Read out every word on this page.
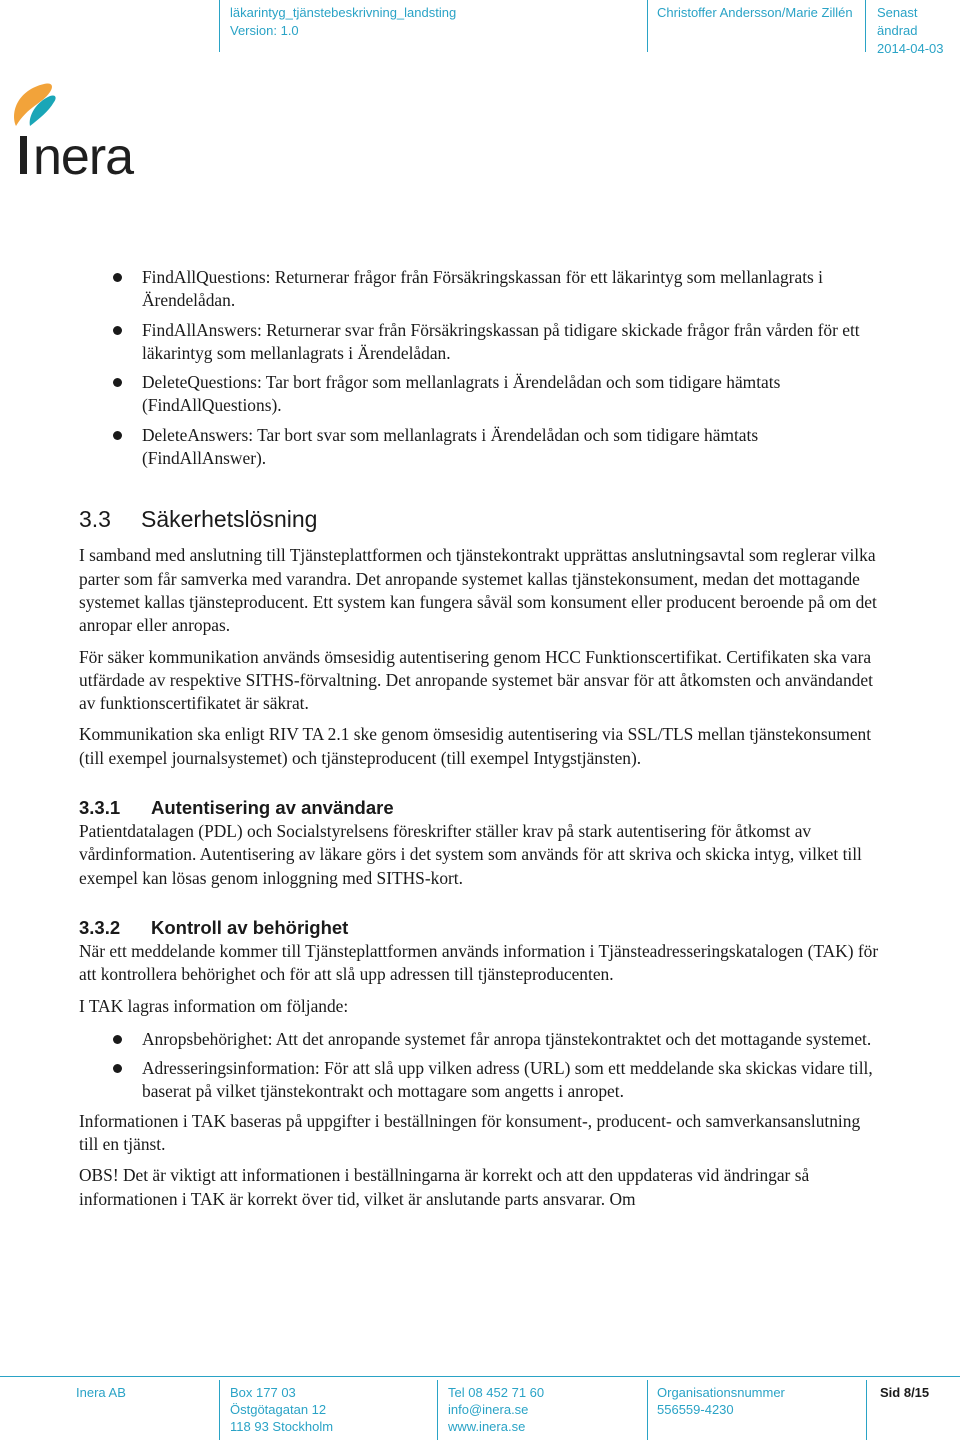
läkarintyg_tjänstebeskrivning_landsting
Version: 1.0
Christoffer Andersson/Marie Zillén Senast ändrad
2014-04-03
nera
FindAllQuestions: Returnerar frågor från Försäkringskassan för ett läkarintyg som mellanlagrats i Ärendelådan.
FindAllAnswers: Returnerar svar från Försäkringskassan på tidigare skickade frågor från vården för ett läkarintyg som mellanlagrats i Ärendelådan.
DeleteQuestions: Tar bort frågor som mellanlagrats i Ärendelådan och som tidigare hämtats (FindAllQuestions).
DeleteAnswers: Tar bort svar som mellanlagrats i Ärendelådan och som tidigare hämtats (FindAllAnswer).
3.3 Säkerhetslösning

I samband med anslutning till Tjänsteplattformen och tjänstekontrakt upprättas anslutningsavtal som reglerar vilka parter som får samverka med varandra. Det anropande systemet kallas tjänstekonsument, medan det mottagande systemet kallas tjänsteproducent. Ett system kan fungera såväl som konsument eller producent beroende på om det anropar eller anropas.

För säker kommunikation används ömsesidig autentisering genom HCC Funktionscertifikat. Certifikaten ska vara utfärdade av respektive SITHS-förvaltning. Det anropande systemet bär ansvar för att åtkomsten och användandet av funktionscertifikatet är säkrat.

Kommunikation ska enligt RIV TA 2.1 ske genom ömsesidig autentisering via SSL/TLS mellan tjänstekonsument (till exempel journalsystemet) och tjänsteproducent (till exempel Intygstjänsten).

3.3.1 Autentisering av användare

Patientdatalagen (PDL) och Socialstyrelsens föreskrifter ställer krav på stark autentisering för åtkomst av vårdinformation. Autentisering av läkare görs i det system som används för att skriva och skicka intyg, vilket till exempel kan lösas genom inloggning med SITHS-kort.

3.3.2 Kontroll av behörighet

När ett meddelande kommer till Tjänsteplattformen används information i Tjänsteadresseringskatalogen (TAK) för att kontrollera behörighet och för att slå upp adressen till tjänsteproducenten.

I TAK lagras information om följande:

Anropsbehörighet: Att det anropande systemet får anropa tjänstekontraktet och det mottagande systemet.
Adresseringsinformation: För att slå upp vilken adress (URL) som ett meddelande ska skickas vidare till, baserat på vilket tjänstekontrakt och mottagare som angetts i anropet.

Informationen i TAK baseras på uppgifter i beställningen för konsument-, producent- och samverkansanslutning till en tjänst.

OBS! Det är viktigt att informationen i beställningarna är korrekt och att den uppdateras vid ändringar så informationen i TAK är korrekt över tid, vilket är anslutande parts ansvarar. Om

Inera AB	Box 177 03
Östgötagatan 12
118 93 Stockholm
Tel 08 452 71 60
info@inera.se
www.inera.se
Organisationsnummer
556559-4230
Sid 8/15
